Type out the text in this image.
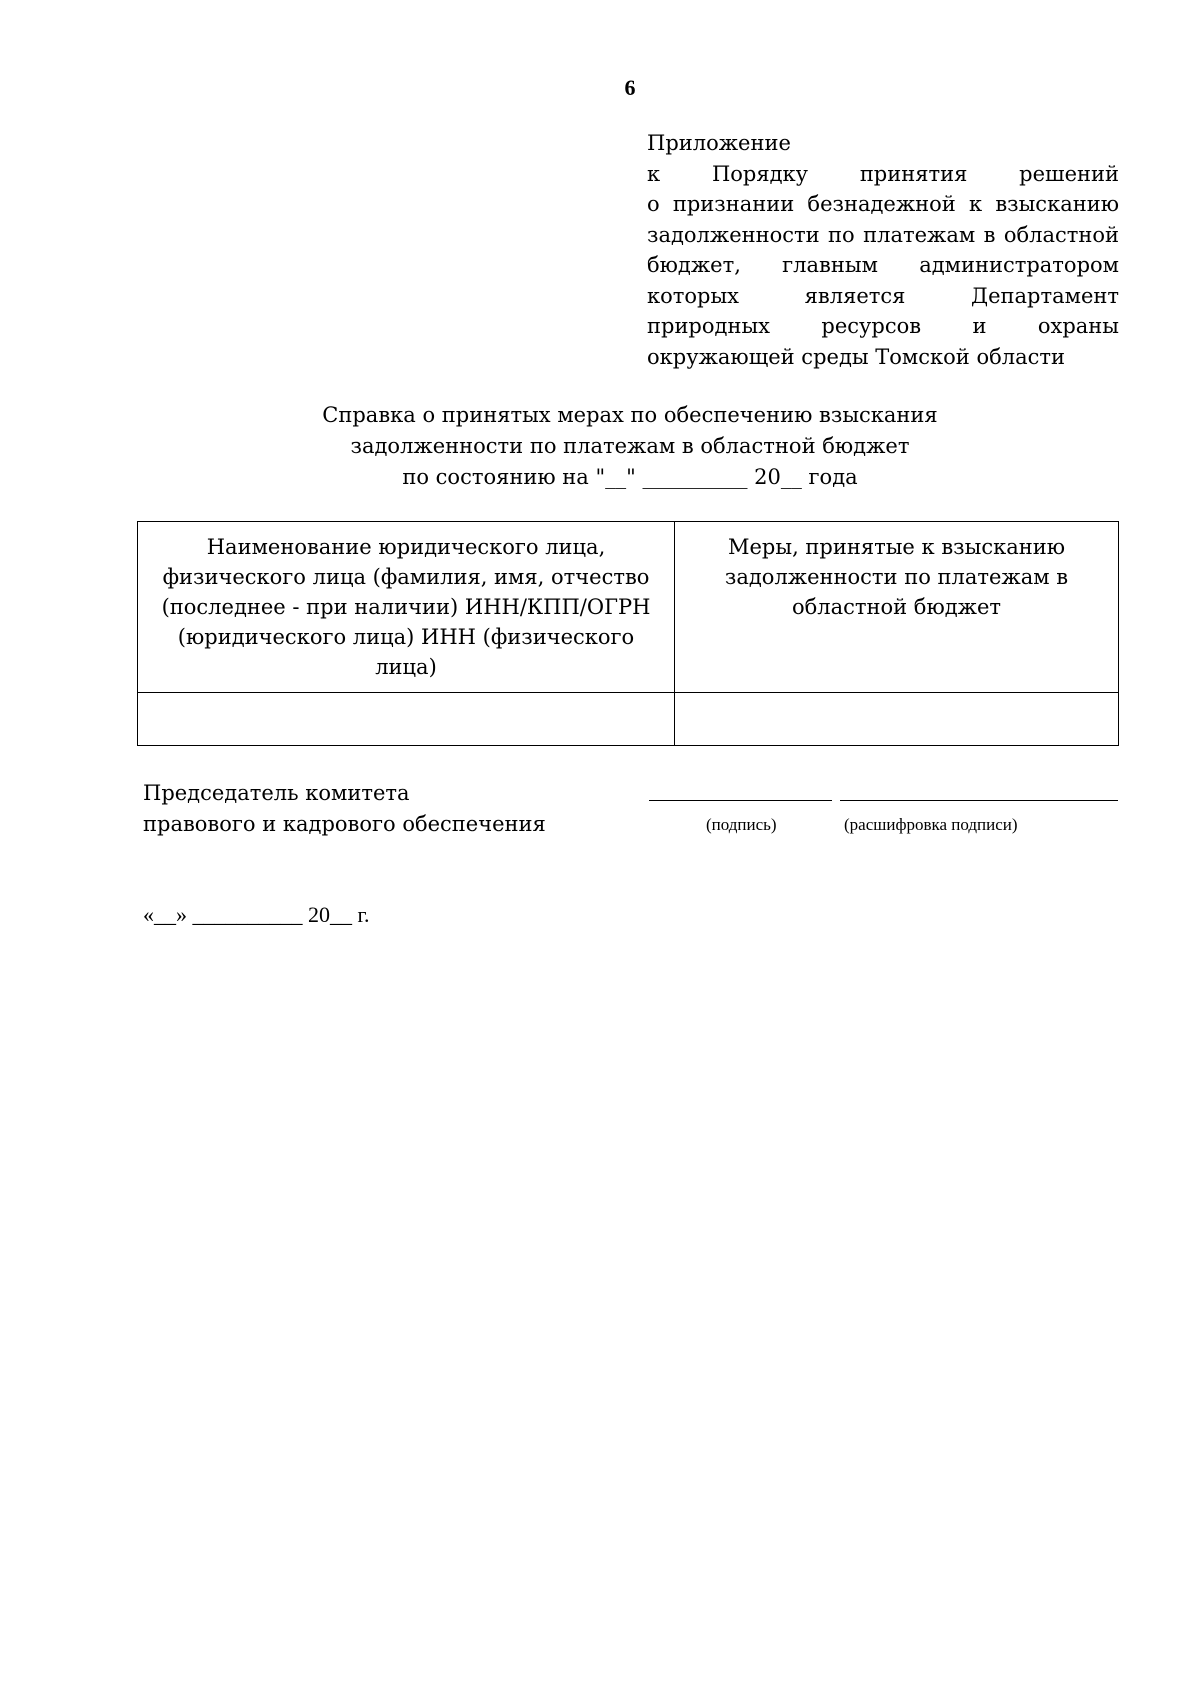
6
Приложение
к Порядку принятия решений
о признании безнадежной к взысканию
задолженности по платежам в областной
бюджет, главным администратором
которых является Департамент
природных ресурсов и охраны
окружающей среды Томской области
Справка о принятых мерах по обеспечению взыскания
задолженности по платежам в областной бюджет
по состоянию на "__" __________ 20__ года
Наименование юридического лица, физического лица (фамилия, имя, отчество (последнее - при наличии) ИНН/КПП/ОГРН (юридического лица) ИНН (физического лица)	Меры, принятые к взысканию задолженности по платежам в областной бюджет

Председатель комитета
правового и кадрового обеспечения	(подпись)	(расшифровка подписи)
«__» __________ 20__ г.
